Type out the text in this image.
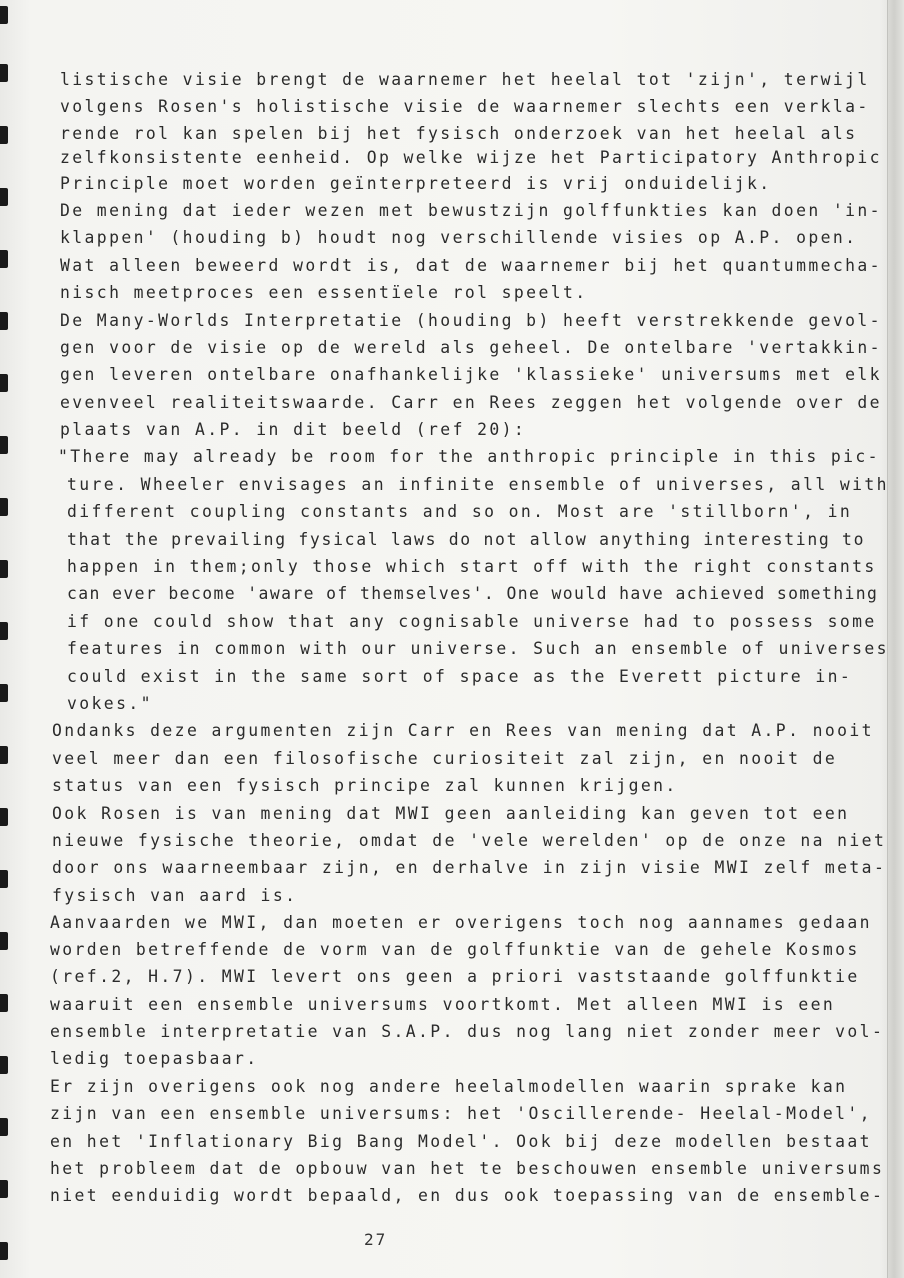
listische visie brengt de waarnemer het heelal tot 'zijn', terwijl
volgens Rosen's holistische visie de waarnemer slechts een verkla-
rende rol kan spelen bij het fysisch onderzoek van het heelal als
zelfkonsistente eenheid. Op welke wijze het Participatory Anthropic
Principle moet worden geïnterpreteerd is vrij onduidelijk.
De mening dat ieder wezen met bewustzijn golffunkties kan doen 'in-
klappen' (houding b) houdt nog verschillende visies op A.P. open.
Wat alleen beweerd wordt is, dat de waarnemer bij het quantummecha-
nisch meetproces een essentïele rol speelt.
De Many-Worlds Interpretatie (houding b) heeft verstrekkende gevol-
gen voor de visie op de wereld als geheel. De ontelbare 'vertakkin-
gen leveren ontelbare onafhankelijke 'klassieke' universums met elk
evenveel realiteitswaarde. Carr en Rees zeggen het volgende over de
plaats van A.P. in dit beeld (ref 20):
"There may already be room for the anthropic principle in this pic-
ture. Wheeler envisages an infinite ensemble of universes, all with
different coupling constants and so on. Most are 'stillborn', in
that the prevailing fysical laws do not allow anything interesting to
happen in them;only those which start off with the right constants
can ever become 'aware of themselves'. One would have achieved something
if one could show that any cognisable universe had to possess some
features in common with our universe. Such an ensemble of universes
could exist in the same sort of space as the Everett picture in-
vokes."
Ondanks deze argumenten zijn Carr en Rees van mening dat A.P. nooit
veel meer dan een filosofische curiositeit zal zijn, en nooit de
status van een fysisch principe zal kunnen krijgen.
Ook Rosen is van mening dat MWI geen aanleiding kan geven tot een
nieuwe fysische theorie, omdat de 'vele werelden' op de onze na niet
door ons waarneembaar zijn, en derhalve in zijn visie MWI zelf meta-
fysisch van aard is.
Aanvaarden we MWI, dan moeten er overigens toch nog aannames gedaan
worden betreffende de vorm van de golffunktie van de gehele Kosmos
(ref.2, H.7). MWI levert ons geen a priori vaststaande golffunktie
waaruit een ensemble universums voortkomt. Met alleen MWI is een
ensemble interpretatie van S.A.P. dus nog lang niet zonder meer vol-
ledig toepasbaar.
Er zijn overigens ook nog andere heelalmodellen waarin sprake kan
zijn van een ensemble universums: het 'Oscillerende- Heelal-Model',
en het 'Inflationary Big Bang Model'. Ook bij deze modellen bestaat
het probleem dat de opbouw van het te beschouwen ensemble universums
niet eenduidig wordt bepaald, en dus ook toepassing van de ensemble-
27
